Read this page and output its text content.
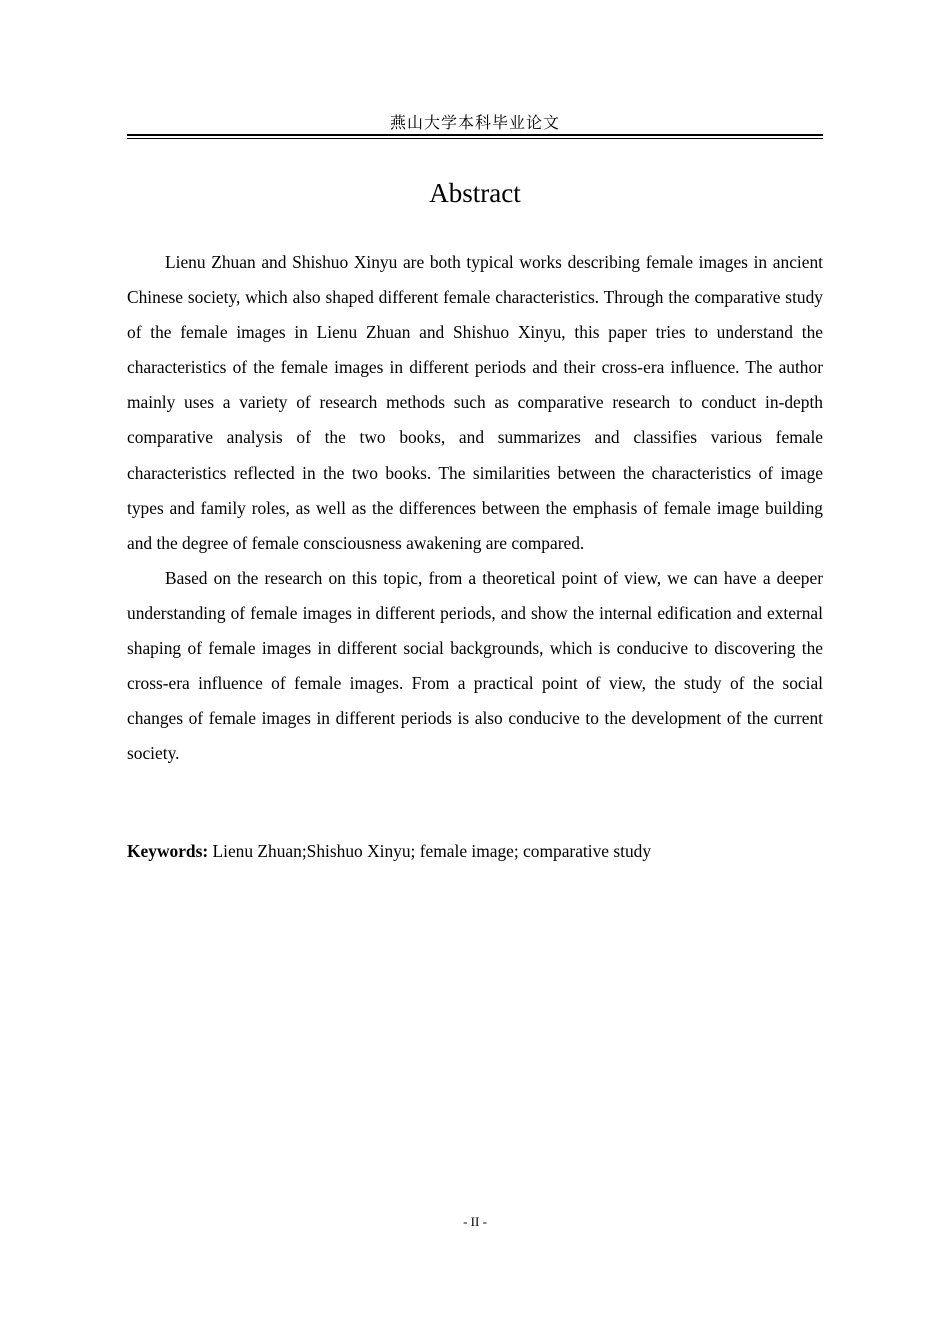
燕山大学本科毕业论文
Abstract

Lienu Zhuan and Shishuo Xinyu are both typical works describing female images in ancient Chinese society, which also shaped different female characteristics. Through the comparative study of the female images in Lienu Zhuan and Shishuo Xinyu, this paper tries to understand the characteristics of the female images in different periods and their cross-era influence. The author mainly uses a variety of research methods such as comparative research to conduct in-depth comparative analysis of the two books, and summarizes and classifies various female characteristics reflected in the two books. The similarities between the characteristics of image types and family roles, as well as the differences between the emphasis of female image building and the degree of female consciousness awakening are compared.

Based on the research on this topic, from a theoretical point of view, we can have a deeper understanding of female images in different periods, and show the internal edification and external shaping of female images in different social backgrounds, which is conducive to discovering the cross-era influence of female images. From a practical point of view, the study of the social changes of female images in different periods is also conducive to the development of the current society.

Keywords: Lienu Zhuan;Shishuo Xinyu; female image; comparative study
- II -
